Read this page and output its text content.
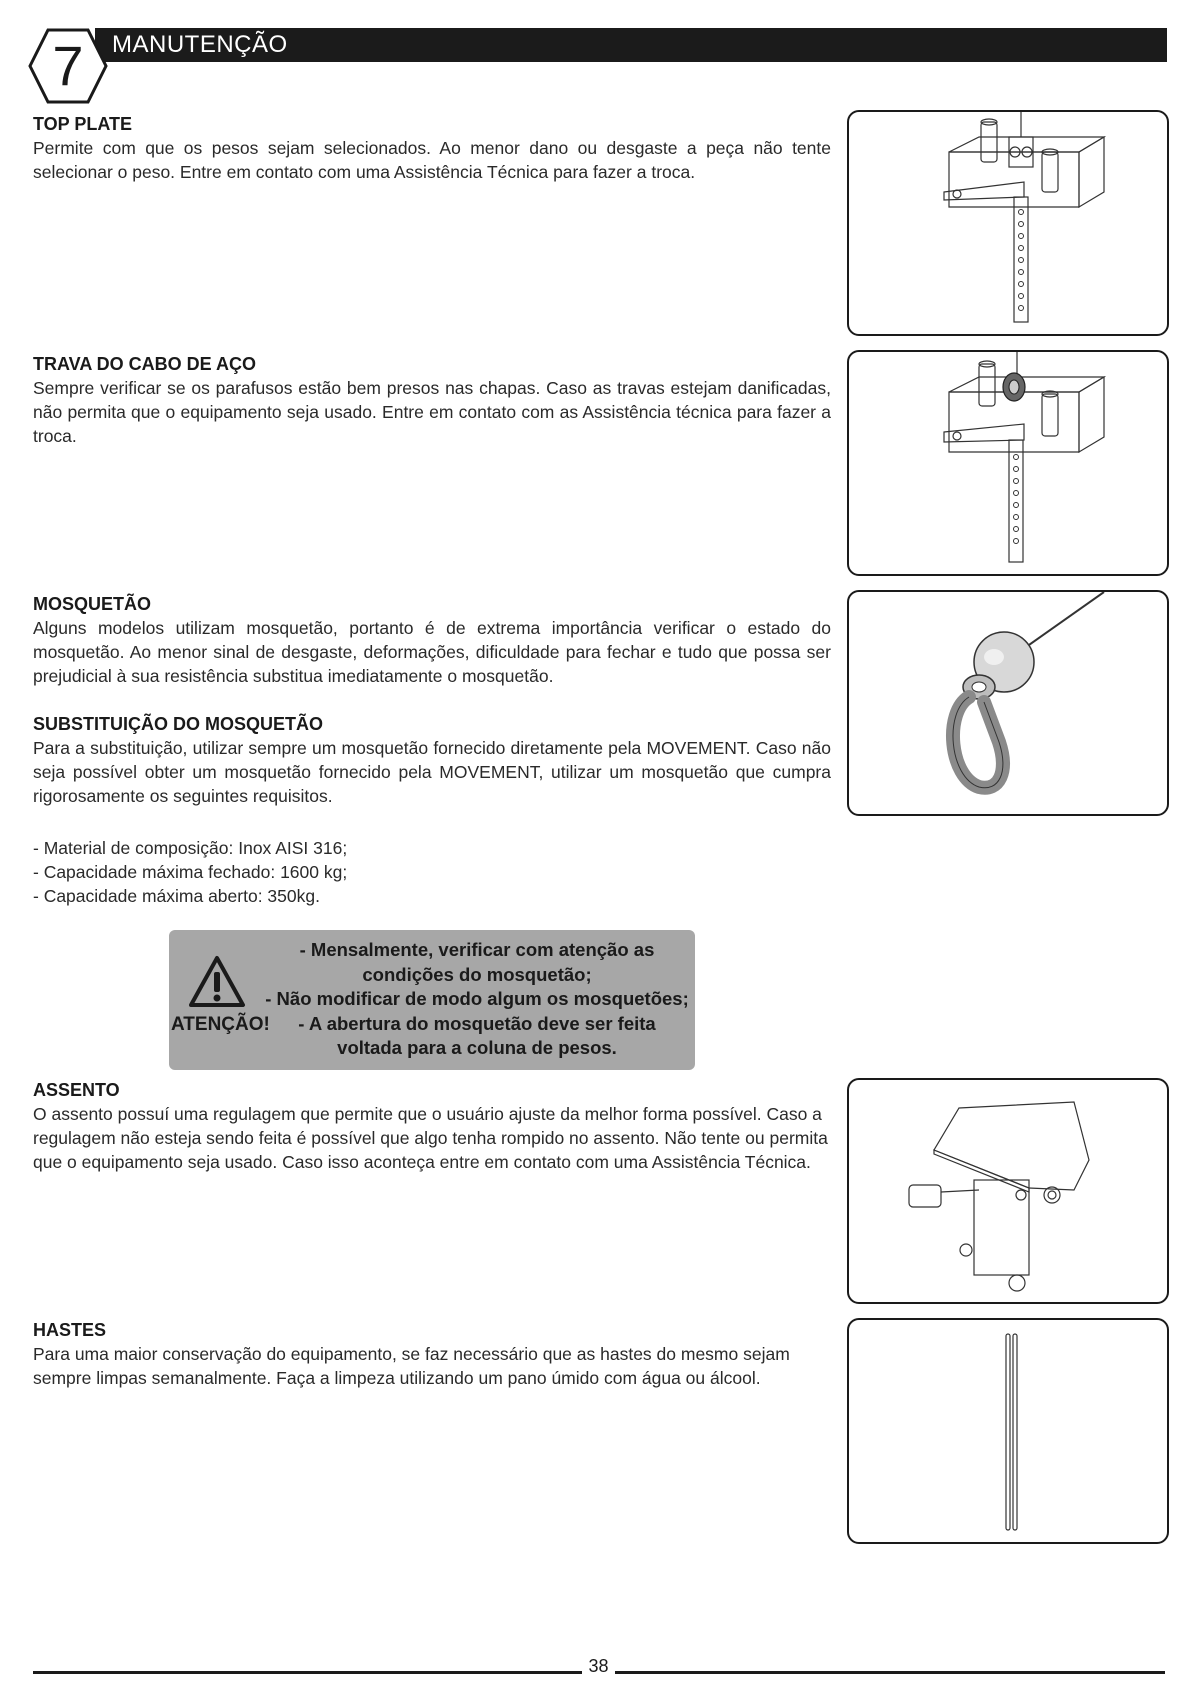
MANUTENÇÃO
7
TOP PLATE

Permite com que os pesos sejam selecionados. Ao menor dano ou desgaste a peça não tente selecionar o peso. Entre em contato com uma Assistência Técnica para fazer a troca.

TRAVA DO CABO DE AÇO

Sempre verificar se os parafusos estão bem presos nas chapas. Caso as travas estejam danificadas, não permita que o equipamento seja usado. Entre em contato com as Assistência técnica para fazer a troca.

MOSQUETÃO

Alguns modelos utilizam mosquetão, portanto é de extrema importância verificar o estado do mosquetão. Ao menor sinal de desgaste, deformações, dificuldade para fechar e tudo que possa ser prejudicial à sua resistência substitua imediatamente o mosquetão.

SUBSTITUIÇÃO DO MOSQUETÃO

Para a substituição, utilizar sempre um mosquetão fornecido diretamente pela MOVEMENT. Caso não seja possível obter um mosquetão fornecido pela MOVEMENT, utilizar um mosquetão que cumpra rigorosamente os seguintes requisitos.

- Material de composição: Inox AISI 316;
- Capacidade máxima fechado: 1600 kg;
- Capacidade máxima aberto: 350kg.
ATENÇÃO!
- Mensalmente, verificar com atenção as
condições do mosquetão;
- Não modificar de modo algum os mosquetões;
- A abertura do mosquetão deve ser feita
voltada para a coluna de pesos.
ASSENTO

O assento possuí uma regulagem que permite que o usuário ajuste da melhor forma possível. Caso a regulagem não esteja sendo feita é possível que algo tenha rompido no assento. Não tente ou permita que o equipamento seja usado. Caso isso aconteça entre em contato com uma Assistência Técnica.

HASTES

Para uma maior conservação do equipamento, se faz necessário que as hastes do mesmo sejam sempre limpas semanalmente. Faça a limpeza utilizando um pano úmido com água ou álcool.

38
